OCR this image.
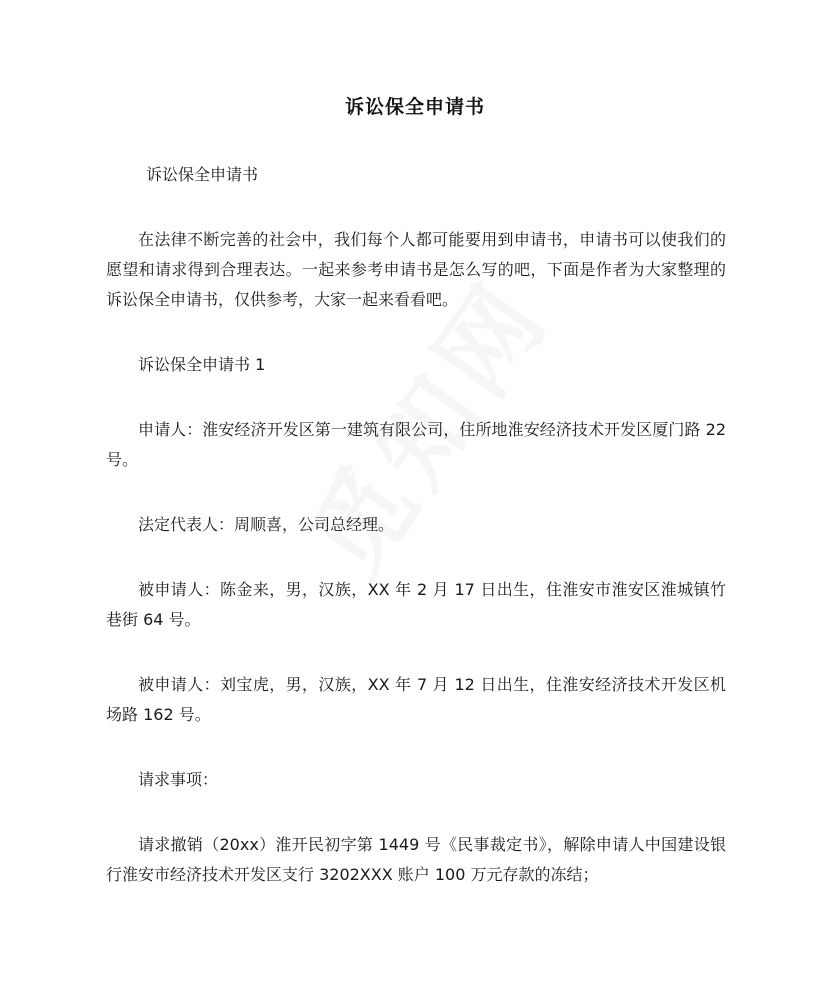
诉讼保全申请书

诉讼保全申请书

在法律不断完善的社会中，我们每个人都可能要用到申请书，申请书可以使我们的愿望和请求得到合理表达。一起来参考申请书是怎么写的吧，下面是作者为大家整理的诉讼保全申请书，仅供参考，大家一起来看看吧。

诉讼保全申请书 1

申请人：淮安经济开发区第一建筑有限公司，住所地淮安经济技术开发区厦门路 22号。

法定代表人：周顺喜，公司总经理。

被申请人：陈金来，男，汉族，XX 年 2 月 17 日出生，住淮安市淮安区淮城镇竹巷街 64 号。

被申请人：刘宝虎，男，汉族，XX 年 7 月 12 日出生，住淮安经济技术开发区机场路 162 号。

请求事项：

请求撤销（20xx）淮开民初字第 1449 号《民事裁定书》，解除申请人中国建设银行淮安市经济技术开发区支行 3202XXX 账户 100 万元存款的冻结；
